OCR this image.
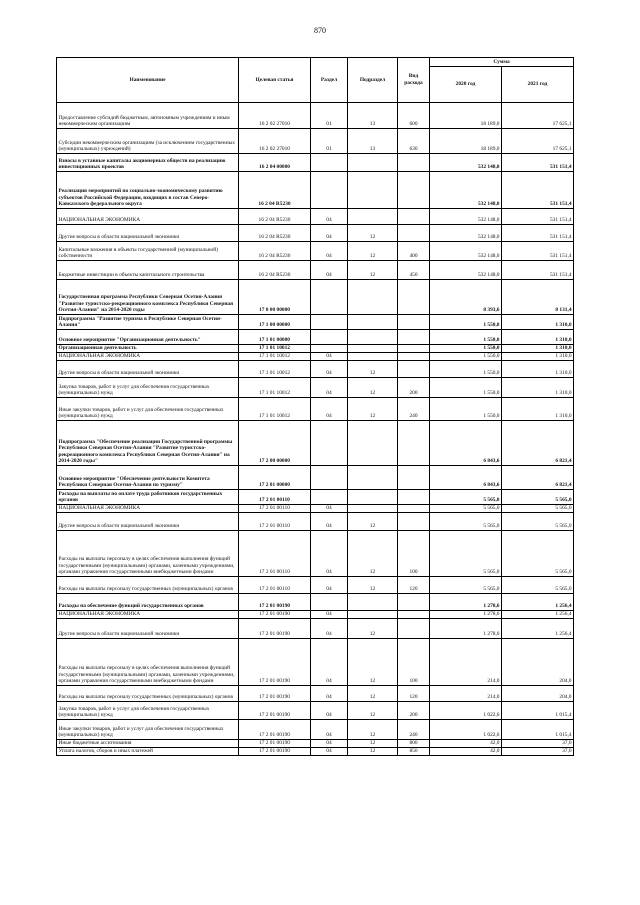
870
Наименование	Целевая статья	Раздел	Подраздел	Вид расхода	Сумма	
					2020 год	2021 год
Предоставление субсидий бюджетным, автономным учреждениям и иным некоммерческим организациям	16 2 02 27010	01	13	600	18 189,0	17 625,1
Субсидии некоммерческим организациям (за исключением государственных (муниципальных) учреждений)	16 2 02 27010	01	13	630	18 189,0	17 625,1
Взносы в уставные капиталы акционерных обществ на реализацию инвестиционных проектов	16 2 04 00000				532 148,0	531 151,4
Реализация мероприятий по социально-экономическому развитию субъектов Российской Федерации, входящих в состав Северо-Кавказского федерального округа	16 2 04 R5230				532 148,0	531 151,4
НАЦИОНАЛЬНАЯ ЭКОНОМИКА	16 2 04 R5230	04			532 148,0	531 151,4
Другие вопросы в области национальной экономики	16 2 04 R5230	04	12		532 148,0	531 151,4
Капитальные вложения в объекты государственной (муниципальной) собственности	16 2 04 R5230	04	12	400	532 148,0	531 151,4
Бюджетные инвестиции в объекты капитального строительства	16 2 04 R5230	04	12	450	532 148,0	531 151,4
Государственная программа Республики Северная Осетия-Алания "Развитие туристско-рекреационного комплекса Республики Северная Осетия-Алания" на 2014-2020 годы	17 0 00 00000				8 393,6	8 131,4
Подпрограмма "Развитие туризма в Республике Северная Осетия-Алания"	17 1 00 00000				1 550,0	1 310,0
Основное мероприятие "Организационная деятельность"	17 1 01 00000				1 550,0	1 310,0
Организационная деятельность	17 1 01 10012				1 550,0	1 310,0
НАЦИОНАЛЬНАЯ ЭКОНОМИКА	17 1 01 10012	04			1 550,0	1 310,0
Другие вопросы в области национальной экономики	17 1 01 10012	04	12		1 550,0	1 310,0
Закупка товаров, работ и услуг для обеспечения государственных (муниципальных) нужд	17 1 01 10012	04	12	200	1 550,0	1 310,0
Иные закупки товаров, работ и услуг для обеспечения государственных (муниципальных) нужд	17 1 01 10012	04	12	240	1 550,0	1 310,0
Подпрограмма "Обеспечение реализации Государственной программы Республики Северная Осетия-Алания "Развитие туристско-рекреационного комплекса Республики Северная Осетия-Алания" на 2014-2020 годы"	17 2 00 00000				6 843,6	6 821,4
Основное мероприятие "Обеспечение деятельности Комитета Республики Северная Осетия-Алания по туризму"	17 2 01 00000				6 843,6	6 821,4
Расходы на выплаты по оплате труда работников государственных органов	17 2 01 00110				5 565,0	5 565,0
НАЦИОНАЛЬНАЯ ЭКОНОМИКА	17 2 01 00110	04			5 565,0	5 565,0
Другие вопросы в области национальной экономики	17 2 01 00110	04	12		5 565,0	5 565,0
Расходы на выплаты персоналу в целях обеспечения выполнения функций государственными (муниципальными) органами, казенными учреждениями, органами управления государственными внебюджетными фондами	17 2 01 00110	04	12	100	5 565,0	5 565,0
Расходы на выплаты персоналу государственных (муниципальных) органов	17 2 01 00110	04	12	120	5 565,0	5 565,0
Расходы на обеспечение функций государственных органов	17 2 01 00190				1 278,6	1 256,4
НАЦИОНАЛЬНАЯ ЭКОНОМИКА	17 2 01 00190	04			1 278,6	1 256,4
Другие вопросы в области национальной экономики	17 2 01 00190	04	12		1 278,6	1 256,4
Расходы на выплаты персоналу в целях обеспечения выполнения функций государственными (муниципальными) органами, казенными учреждениями, органами управления государственными внебюджетными фондами	17 2 01 00190	04	12	100	214,0	204,0
Расходы на выплаты персоналу государственных (муниципальных) органов	17 2 01 00190	04	12	120	214,0	204,0
Закупка товаров, работ и услуг для обеспечения государственных (муниципальных) нужд	17 2 01 00190	04	12	200	1 022,6	1 015,4
Иные закупки товаров, работ и услуг для обеспечения государственных (муниципальных) нужд	17 2 01 00190	04	12	240	1 022,6	1 015,4
Иные бюджетные ассигнования	17 2 01 00190	04	12	800	42,0	37,0
Уплата налогов, сборов и иных платежей	17 2 01 00190	04	12	850	42,0	37,0
